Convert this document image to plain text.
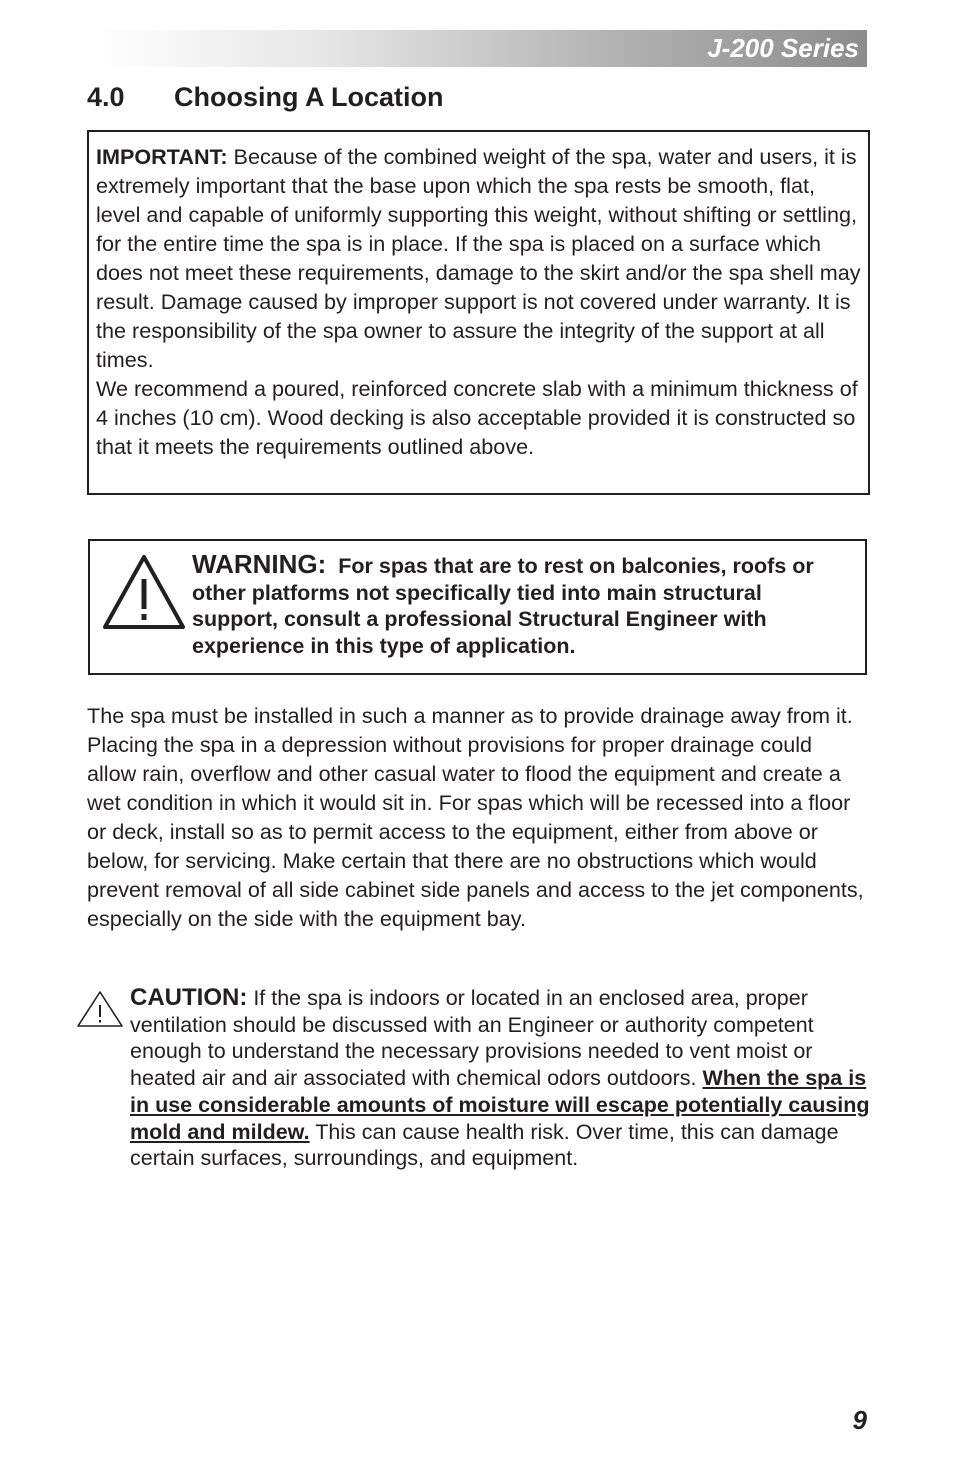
J-200 Series
4.0 Choosing A Location

IMPORTANT: Because of the combined weight of the spa, water and users, it is extremely important that the base upon which the spa rests be smooth, flat, level and capable of uniformly supporting this weight, without shifting or settling, for the entire time the spa is in place. If the spa is placed on a surface which does not meet these requirements, damage to the skirt and/or the spa shell may result. Damage caused by improper support is not covered under warranty. It is the responsibility of the spa owner to assure the integrity of the support at all times.

We recommend a poured, reinforced concrete slab with a minimum thickness of 4 inches (10 cm). Wood decking is also acceptable provided it is constructed so that it meets the requirements outlined above.

WARNING: For spas that are to rest on balconies, roofs or other platforms not specifically tied into main structural support, consult a professional Structural Engineer with experience in this type of application.

The spa must be installed in such a manner as to provide drainage away from it. Placing the spa in a depression without provisions for proper drainage could allow rain, overflow and other casual water to flood the equipment and create a wet condition in which it would sit in. For spas which will be recessed into a floor or deck, install so as to permit access to the equipment, either from above or below, for servicing. Make certain that there are no obstructions which would prevent removal of all side cabinet side panels and access to the jet components, especially on the side with the equipment bay.

CAUTION: If the spa is indoors or located in an enclosed area, proper ventilation should be discussed with an Engineer or authority competent enough to understand the necessary provisions needed to vent moist or heated air and air associated with chemical odors outdoors. When the spa is in use considerable amounts of moisture will escape potentially causing mold and mildew. This can cause health risk. Over time, this can damage certain surfaces, surroundings, and equipment.

9
